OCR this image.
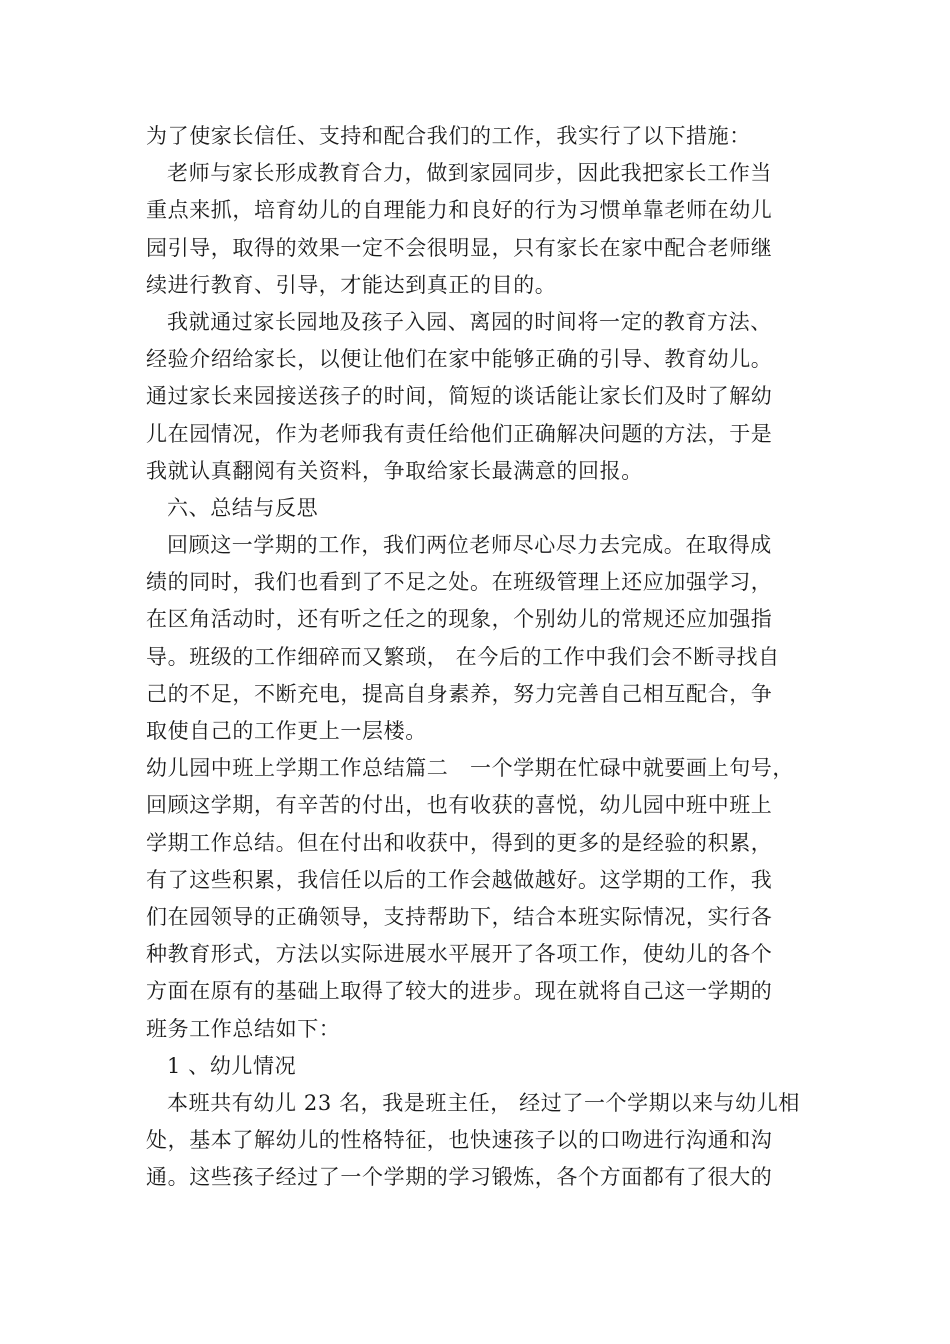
为了使家长信任、支持和配合我们的工作，我实行了以下措施：
老师与家长形成教育合力，做到家园同步，因此我把家长工作当
重点来抓，培育幼儿的自理能力和良好的行为习惯单靠老师在幼儿
园引导，取得的效果一定不会很明显，只有家长在家中配合老师继
续进行教育、引导，才能达到真正的目的。
我就通过家长园地及孩子入园、离园的时间将一定的教育方法、
经验介绍给家长，以便让他们在家中能够正确的引导、教育幼儿。
通过家长来园接送孩子的时间，简短的谈话能让家长们及时了解幼
儿在园情况，作为老师我有责任给他们正确解决问题的方法，于是
我就认真翻阅有关资料，争取给家长最满意的回报。
六、总结与反思
回顾这一学期的工作，我们两位老师尽心尽力去完成。在取得成
绩的同时，我们也看到了不足之处。在班级管理上还应加强学习，
在区角活动时，还有听之任之的现象，个别幼儿的常规还应加强指
导。班级的工作细碎而又繁琐， 在今后的工作中我们会不断寻找自
己的不足，不断充电，提高自身素养，努力完善自己相互配合，争
取使自己的工作更上一层楼。
幼儿园中班上学期工作总结篇二　一个学期在忙碌中就要画上句号，
回顾这学期，有辛苦的付出，也有收获的喜悦，幼儿园中班中班上
学期工作总结。但在付出和收获中，得到的更多的是经验的积累，
有了这些积累，我信任以后的工作会越做越好。这学期的工作，我
们在园领导的正确领导，支持帮助下，结合本班实际情况，实行各
种教育形式，方法以实际进展水平展开了各项工作，使幼儿的各个
方面在原有的基础上取得了较大的进步。现在就将自己这一学期的
班务工作总结如下：
1 、幼儿情况
本班共有幼儿 23 名，我是班主任， 经过了一个学期以来与幼儿相
处，基本了解幼儿的性格特征，也快速孩子以的口吻进行沟通和沟
通。这些孩子经过了一个学期的学习锻炼，各个方面都有了很大的
